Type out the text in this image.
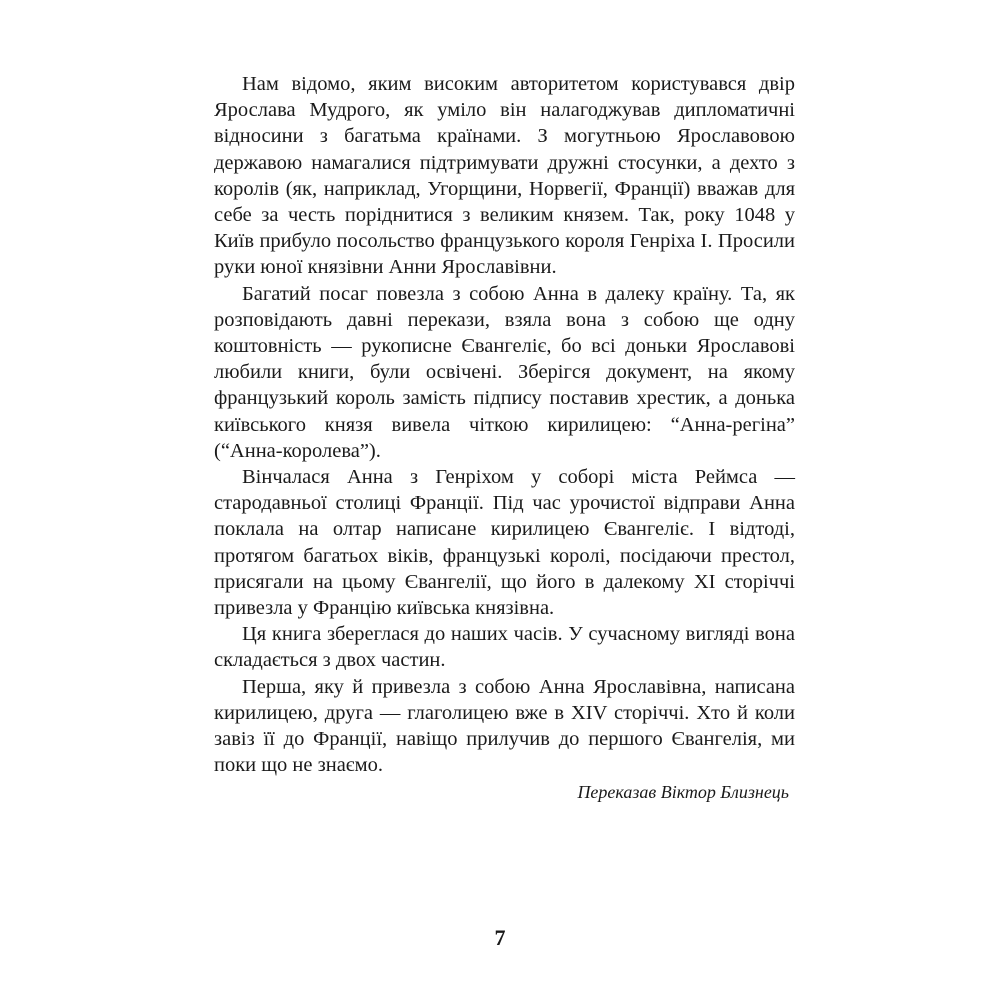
Нам відомо, яким високим авторитетом користувався двір Ярослава Мудрого, як уміло він налагоджував дипломатичні відносини з багатьма країнами. З могутньою Ярославовою державою намагалися підтримувати дружні стосунки, а дехто з королів (як, наприклад, Угорщини, Норвегії, Франції) вважав для себе за честь поріднитися з великим князем. Так, року 1048 у Київ прибуло посольство французького короля Генріха І. Просили руки юної князівни Анни Ярославівни.

Багатий посаг повезла з собою Анна в далеку країну. Та, як розповідають давні перекази, взяла вона з собою ще одну коштовність — рукописне Євангеліє, бо всі доньки Ярославові любили книги, були освічені. Зберігся документ, на якому французький король замість підпису поставив хрестик, а донька київського князя вивела чіткою кирилицею: “Анна-регіна” (“Анна-королева”).

Вінчалася Анна з Генріхом у соборі міста Реймса — стародавньої столиці Франції. Під час урочистої відправи Анна поклала на олтар написане кирилицею Євангеліє. І відтоді, протягом багатьох віків, французькі королі, посідаючи престол, присягали на цьому Євангелії, що його в далекому XI сторіччі привезла у Францію київська князівна.

Ця книга збереглася до наших часів. У сучасному вигляді вона складається з двох частин.

Перша, яку й привезла з собою Анна Ярославівна, написана кирилицею, друга — глаголицею вже в XIV сторіччі. Хто й коли завіз її до Франції, навіщо прилучив до першого Євангелія, ми поки що не знаємо.

Переказав Віктор Близнець

7
